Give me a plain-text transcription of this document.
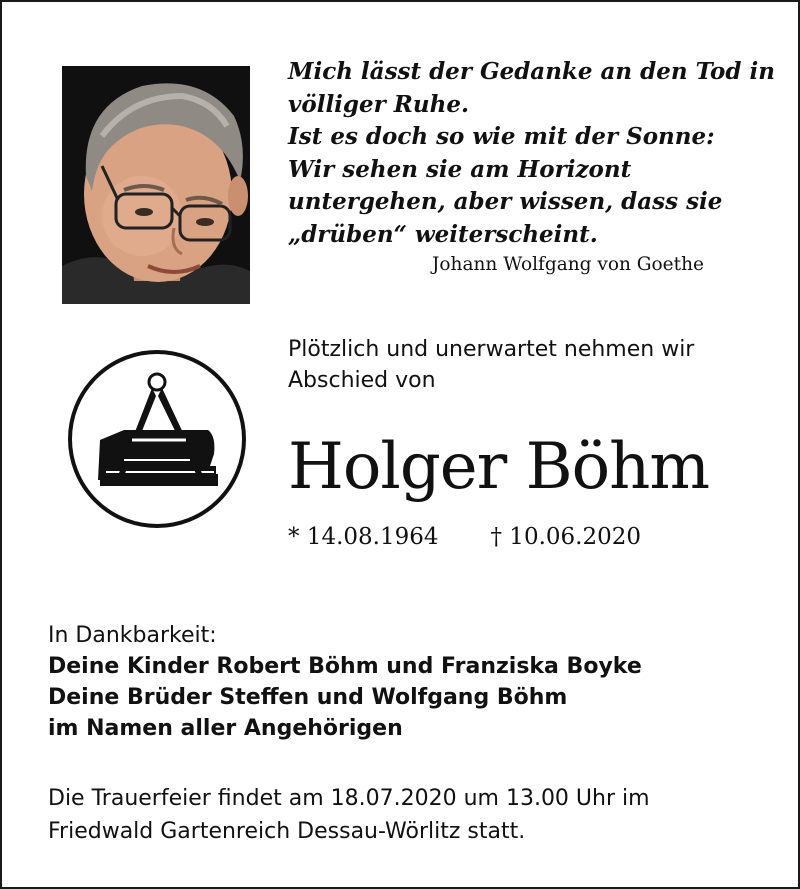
Mich lässt der Gedanke an den Tod in
völliger Ruhe.
Ist es doch so wie mit der Sonne:
Wir sehen sie am Horizont
untergehen, aber wissen, dass sie
„drüben“ weiterscheint.
Johann Wolfgang von Goethe
Plötzlich und unerwartet nehmen wir
Abschied von
Holger Böhm
* 14.08.1964 † 10.06.2020
In Dankbarkeit:
Deine Kinder Robert Böhm und Franziska Boyke
Deine Brüder Steffen und Wolfgang Böhm
im Namen aller Angehörigen
Die Trauerfeier findet am 18.07.2020 um 13.00 Uhr im
Friedwald Gartenreich Dessau-Wörlitz statt.
